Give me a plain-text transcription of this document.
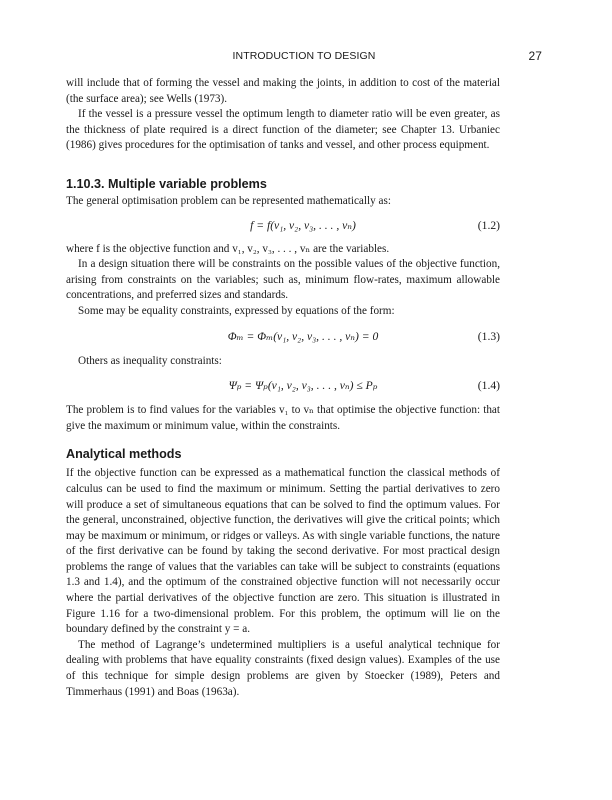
INTRODUCTION TO DESIGN	27

will include that of forming the vessel and making the joints, in addition to cost of the material (the surface area); see Wells (1973).

If the vessel is a pressure vessel the optimum length to diameter ratio will be even greater, as the thickness of plate required is a direct function of the diameter; see Chapter 13. Urbaniec (1986) gives procedures for the optimisation of tanks and vessel, and other process equipment.

1.10.3. Multiple variable problems

The general optimisation problem can be represented mathematically as:

f = f(v₁, v₂, v₃, . . . , vₙ)	(1.2)

where f is the objective function and v₁, v₂, v₃, . . . , vₙ are the variables.

In a design situation there will be constraints on the possible values of the objective function, arising from constraints on the variables; such as, minimum flow-rates, maximum allowable concentrations, and preferred sizes and standards.

Some may be equality constraints, expressed by equations of the form:

Φₘ = Φₘ(v₁, v₂, v₃, . . . , vₙ) = 0	(1.3)

Others as inequality constraints:

Ψₚ = Ψₚ(v₁, v₂, v₃, . . . , vₙ) ≤ Pₚ	(1.4)

The problem is to find values for the variables v₁ to vₙ that optimise the objective function: that give the maximum or minimum value, within the constraints.

Analytical methods

If the objective function can be expressed as a mathematical function the classical methods of calculus can be used to find the maximum or minimum. Setting the partial derivatives to zero will produce a set of simultaneous equations that can be solved to find the optimum values. For the general, unconstrained, objective function, the derivatives will give the critical points; which may be maximum or minimum, or ridges or valleys. As with single variable functions, the nature of the first derivative can be found by taking the second derivative. For most practical design problems the range of values that the variables can take will be subject to constraints (equations 1.3 and 1.4), and the optimum of the constrained objective function will not necessarily occur where the partial derivatives of the objective function are zero. This situation is illustrated in Figure 1.16 for a two-dimensional problem. For this problem, the optimum will lie on the boundary defined by the constraint y = a.

The method of Lagrange’s undetermined multipliers is a useful analytical technique for dealing with problems that have equality constraints (fixed design values). Examples of the use of this technique for simple design problems are given by Stoecker (1989), Peters and Timmerhaus (1991) and Boas (1963a).
